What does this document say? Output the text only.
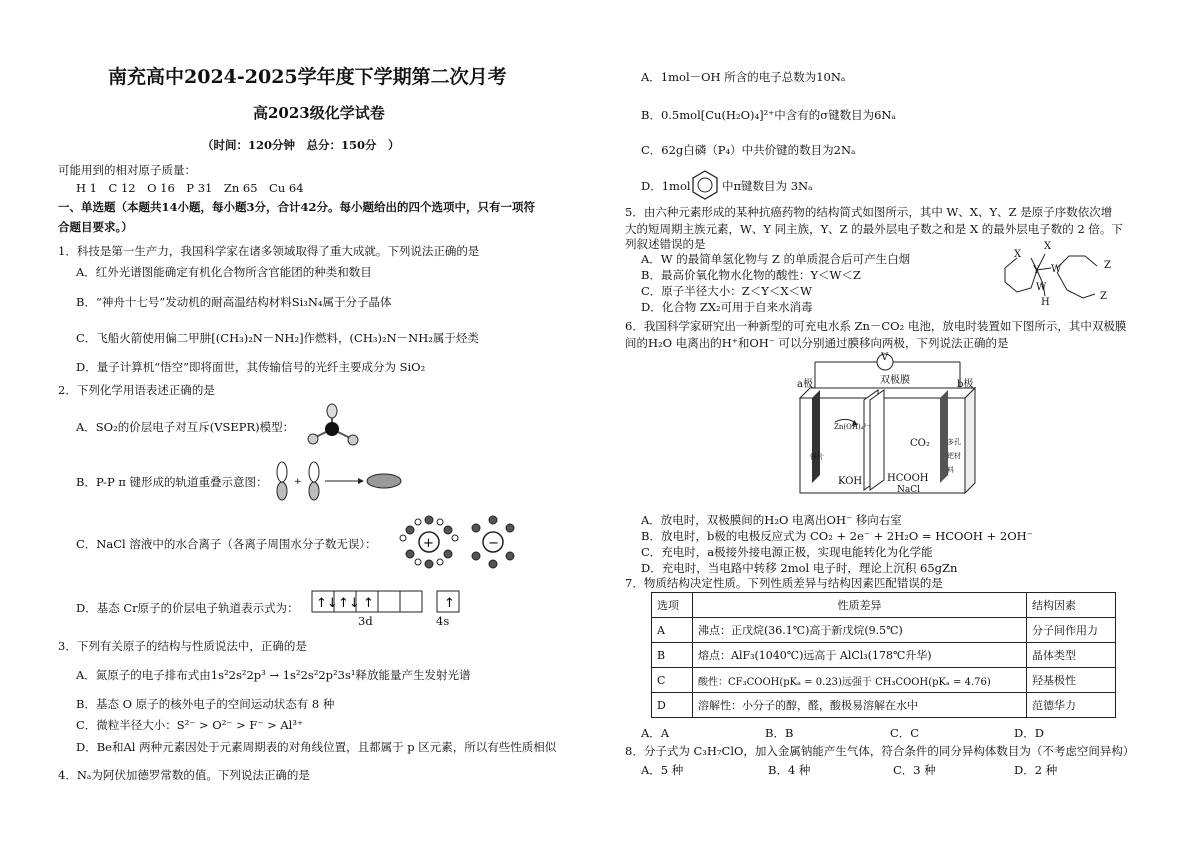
南充高中2024-2025学年度下学期第二次月考
高2023级化学试卷
（时间：120分钟　总分：150分　）
可能用到的相对原子质量：
H 1　C 12　O 16　P 31　Zn 65　Cu 64
一、单选题（本题共14小题，每小题3分，合计42分。每小题给出的四个选项中，只有一项符
合题目要求。）
1．科技是第一生产力，我国科学家在诸多领域取得了重大成就。下列说法正确的是
A．红外光谱图能确定有机化合物所含官能团的种类和数目
B．“神舟十七号”发动机的耐高温结构材料Si₃N₄属于分子晶体
C．飞船火箭使用偏二甲肼[(CH₃)₂N－NH₂]作燃料，(CH₃)₂N－NH₂属于烃类
D．量子计算机“悟空”即将面世，其传输信号的光纤主要成分为 SiO₂
2．下列化学用语表述正确的是
A．SO₂的价层电子对互斥(VSEPR)模型：
B．P-P π 键形成的轨道重叠示意图：	+
C．NaCl 溶液中的水合离子（各离子周围水分子数无误）：	+	−
D．基态 Cr原子的价层电子轨道表示式为： ↑↓ ↑↓ ↑	↑
3d	4s
3．下列有关原子的结构与性质说法中，正确的是
A．氮原子的电子排布式由1s²2s²2p³ → 1s²2s²2p²3s¹释放能量产生发射光谱
B．基态 O 原子的核外电子的空间运动状态有 8 种
C．微粒半径大小：S²⁻ > O²⁻ > F⁻ > Al³⁺
D．Be和Al 两种元素因处于元素周期表的对角线位置，且都属于 p 区元素，所以有些性质相似
4．Nₐ为阿伏加德罗常数的值。下列说法正确的是
A．1mol－OH 所含的电子总数为10Nₐ
B．0.5mol[Cu(H₂O)₄]²⁺中含有的σ键数目为6Nₐ
C．62g白磷（P₄）中共价键的数目为2Nₐ
D．1mol	中π键数目为 3Nₐ
5．由六种元素形成的某种抗癌药物的结构简式如图所示，其中 W、X、Y、Z 是原子序数依次增
大的短周期主族元素，W、Y 同主族，Y、Z 的最外层电子数之和是 X 的最外层电子数的 2 倍。下
列叙述错误的是
A．W 的最简单氢化物与 Z 的单质混合后可产生白烟
B．最高价氧化物水化物的酸性：Y＜W＜Z
C．原子半径大小：Z＜Y＜X＜W
D．化合物 ZX₂可用于自来水消毒
X
Y
X
W
W
H
Z
Z
6．我国科学家研究出一种新型的可充电水系 Zn－CO₂ 电池，放电时装置如下图所示，其中双极膜
间的H₂O 电离出的H⁺和OH⁻ 可以分别通过膜移向两极，下列说法正确的是
V
a极	b极
双极膜
Zn(OH)₄²⁻
锌片
KOH
CO₂
HCOOH
NaCl
多孔 钯材料
A．放电时，双极膜间的H₂O 电离出OH⁻ 移向右室
B．放电时，b极的电极反应式为 CO₂ + 2e⁻ + 2H₂O = HCOOH + 2OH⁻
C．充电时，a极接外接电源正极，实现电能转化为化学能
D．充电时，当电路中转移 2mol 电子时，理论上沉积 65gZn
7．物质结构决定性质。下列性质差异与结构因素匹配错误的是
选项	性质差异	结构因素
A	沸点：正戊烷(36.1℃)高于新戊烷(9.5℃)	分子间作用力
B	熔点：AlF₃(1040℃)远高于 AlCl₃(178℃升华)	晶体类型
C	酸性：CF₃COOH(pKₐ = 0.23)远强于 CH₃COOH(pKₐ = 4.76)	羟基极性
D	溶解性：小分子的醇，醛，酸极易溶解在水中	范德华力
A．A	B．B	C．C	D．D
8．分子式为 C₃H₇ClO，加入金属钠能产生气体，符合条件的同分异构体数目为（不考虑空间异构）
A．5 种	B．4 种	C．3 种	D．2 种
